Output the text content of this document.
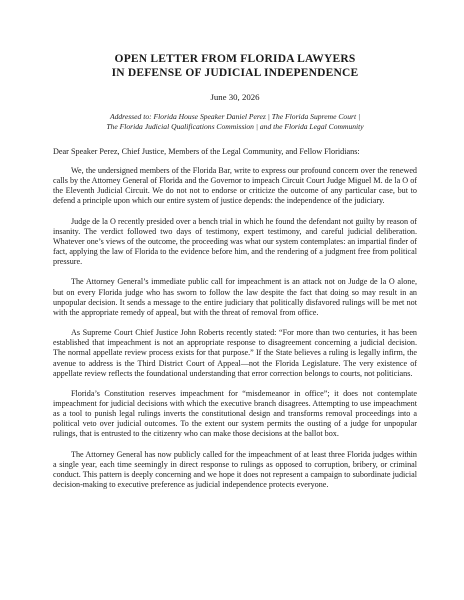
OPEN LETTER FROM FLORIDA LAWYERS
IN DEFENSE OF JUDICIAL INDEPENDENCE
June 30, 2026
Addressed to: Florida House Speaker Daniel Perez | The Florida Supreme Court |
The Florida Judicial Qualifications Commission | and the Florida Legal Community
Dear Speaker Perez, Chief Justice, Members of the Legal Community, and Fellow Floridians:

We, the undersigned members of the Florida Bar, write to express our profound concern over the renewed calls by the Attorney General of Florida and the Governor to impeach Circuit Court Judge Miguel M. de la O of the Eleventh Judicial Circuit. We do not not to endorse or criticize the outcome of any particular case, but to defend a principle upon which our entire system of justice depends: the independence of the judiciary.

Judge de la O recently presided over a bench trial in which he found the defendant not guilty by reason of insanity. The verdict followed two days of testimony, expert testimony, and careful judicial deliberation. Whatever one’s views of the outcome, the proceeding was what our system contemplates: an impartial finder of fact, applying the law of Florida to the evidence before him, and the rendering of a judgment free from political pressure.

The Attorney General’s immediate public call for impeachment is an attack not on Judge de la O alone, but on every Florida judge who has sworn to follow the law despite the fact that doing so may result in an unpopular decision. It sends a message to the entire judiciary that politically disfavored rulings will be met not with the appropriate remedy of appeal, but with the threat of removal from office.

As Supreme Court Chief Justice John Roberts recently stated: “For more than two centuries, it has been established that impeachment is not an appropriate response to disagreement concerning a judicial decision. The normal appellate review process exists for that purpose.” If the State believes a ruling is legally infirm, the avenue to address is the Third District Court of Appeal—not the Florida Legislature. The very existence of appellate review reflects the foundational understanding that error correction belongs to courts, not politicians.

Florida’s Constitution reserves impeachment for “misdemeanor in office”; it does not contemplate impeachment for judicial decisions with which the executive branch disagrees. Attempting to use impeachment as a tool to punish legal rulings inverts the constitutional design and transforms removal proceedings into a political veto over judicial outcomes. To the extent our system permits the ousting of a judge for unpopular rulings, that is entrusted to the citizenry who can make those decisions at the ballot box.

The Attorney General has now publicly called for the impeachment of at least three Florida judges within a single year, each time seemingly in direct response to rulings as opposed to corruption, bribery, or criminal conduct. This pattern is deeply concerning and we hope it does not represent a campaign to subordinate judicial decision-making to executive preference as judicial independence protects everyone.
